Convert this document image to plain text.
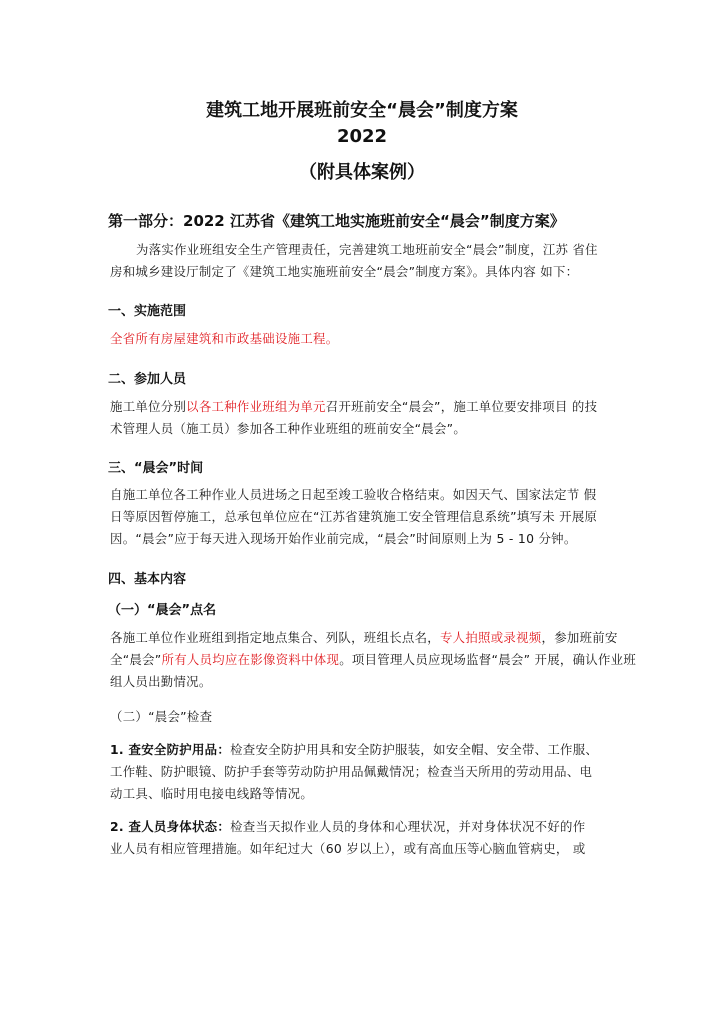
建筑工地开展班前安全“晨会”制度方案
2022
（附具体案例）
第一部分：2022 江苏省《建筑工地实施班前安全“晨会”制度方案》
为落实作业班组安全生产管理责任，完善建筑工地班前安全“晨会”制度，江苏 省住
房和城乡建设厅制定了《建筑工地实施班前安全“晨会”制度方案》。具体内容 如下：
一、实施范围
全省所有房屋建筑和市政基础设施工程。
二、参加人员
施工单位分别以各工种作业班组为单元召开班前安全“晨会”，施工单位要安排项目 的技
术管理人员（施工员）参加各工种作业班组的班前安全“晨会”。
三、“晨会”时间
自施工单位各工种作业人员进场之日起至竣工验收合格结束。如因天气、国家法定节 假
日等原因暂停施工，总承包单位应在“江苏省建筑施工安全管理信息系统”填写未 开展原
因。“晨会”应于每天进入现场开始作业前完成，“晨会”时间原则上为 5 - 10 分钟。
四、基本内容
（一）“晨会”点名
各施工单位作业班组到指定地点集合、列队，班组长点名，专人拍照或录视频，参加班前安
全“晨会”所有人员均应在影像资料中体现。项目管理人员应现场监督“晨会” 开展，确认作业班
组人员出勤情况。
（二）“晨会”检查
1. 查安全防护用品：检查安全防护用具和安全防护服装，如安全帽、安全带、工作服、
工作鞋、防护眼镜、防护手套等劳动防护用品佩戴情况；检查当天所用的劳动用品、电
动工具、临时用电接电线路等情况。
2. 查人员身体状态：检查当天拟作业人员的身体和心理状况，并对身体状况不好的作
业人员有相应管理措施。如年纪过大（60 岁以上），或有高血压等心脑血管病史， 或
